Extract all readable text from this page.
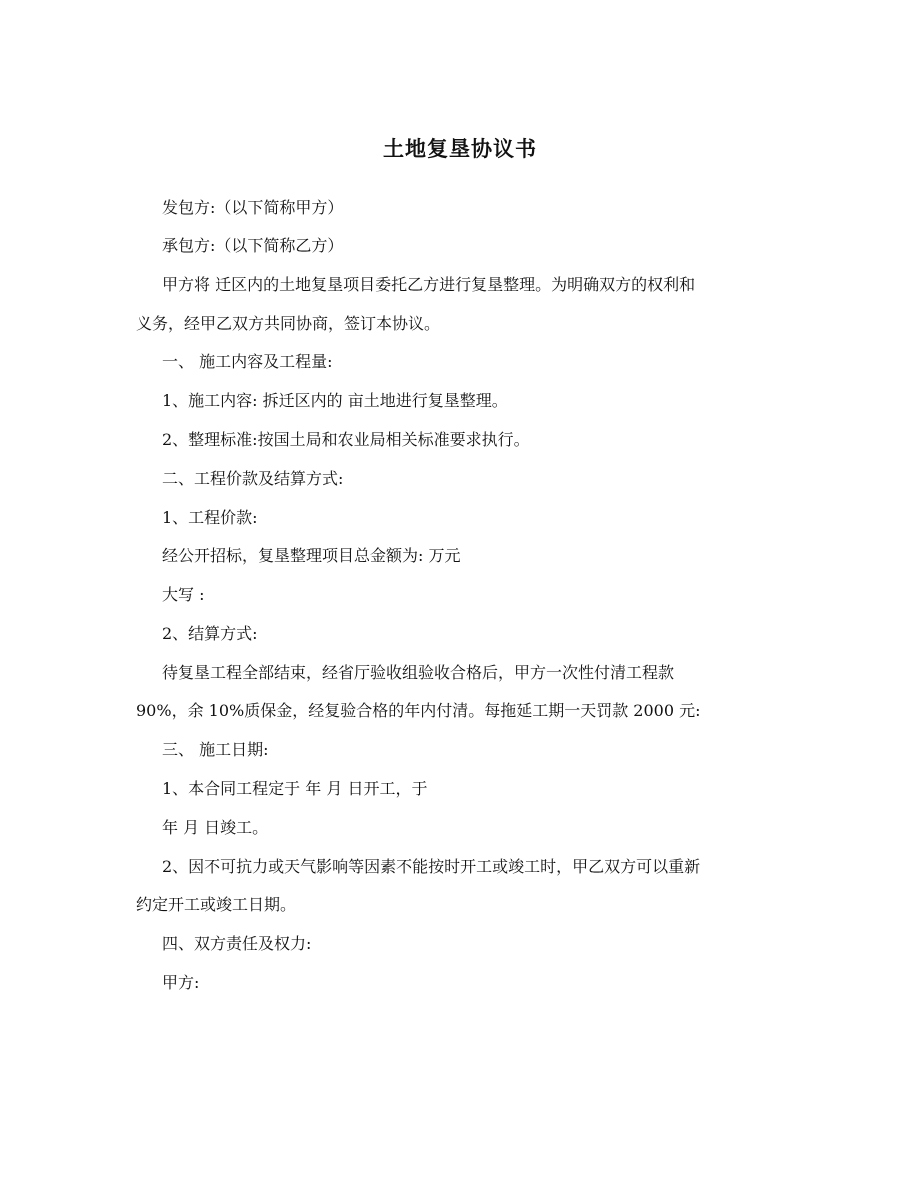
土地复垦协议书
发包方:（以下简称甲方）
承包方:（以下简称乙方）
甲方将 迁区内的土地复垦项目委托乙方进行复垦整理。为明确双方的权利和
义务，经甲乙双方共同协商，签订本协议。
一、 施工内容及工程量:
1、施工内容: 拆迁区内的 亩土地进行复垦整理。
2、整理标准:按国土局和农业局相关标准要求执行。
二、工程价款及结算方式:
1、工程价款:
经公开招标，复垦整理项目总金额为: 万元
大写 :
2、结算方式:
待复垦工程全部结束，经省厅验收组验收合格后，甲方一次性付清工程款
90%，余 10%质保金，经复验合格的年内付清。每拖延工期一天罚款 2000 元:
三、 施工日期:
1、本合同工程定于 年 月 日开工，于
年 月 日竣工。
2、因不可抗力或天气影响等因素不能按时开工或竣工时，甲乙双方可以重新
约定开工或竣工日期。
四、双方责任及权力:
甲方:
